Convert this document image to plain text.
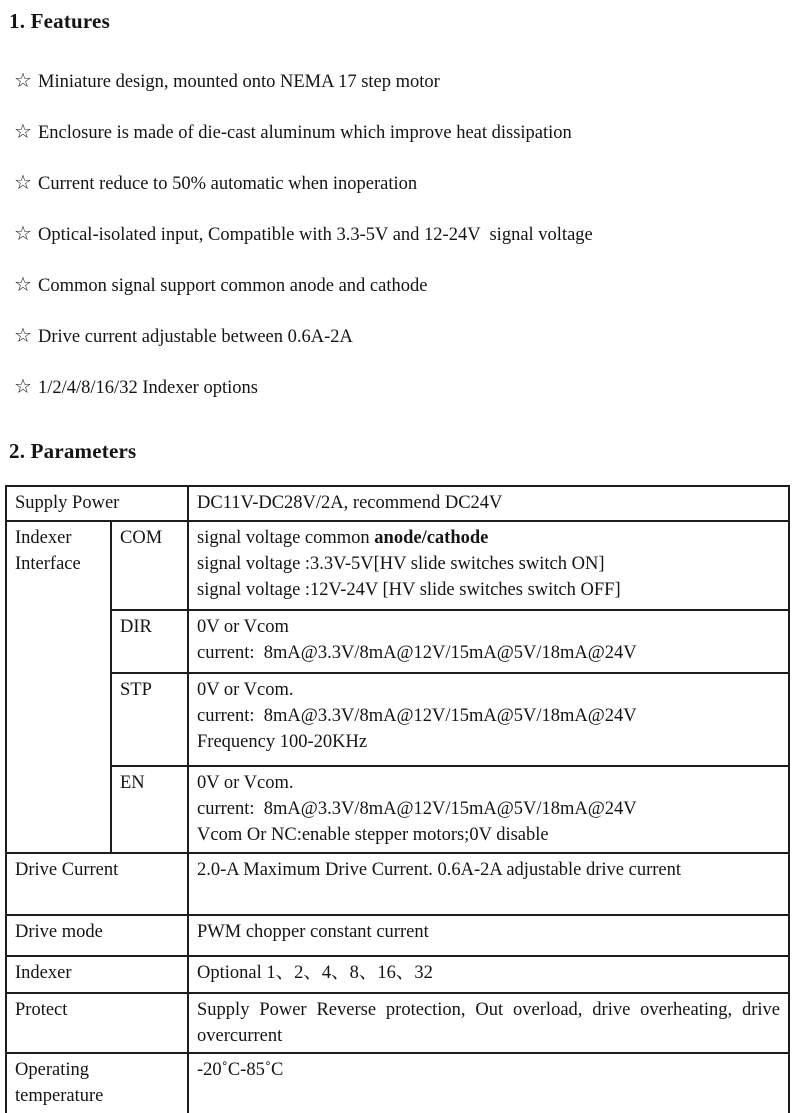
1. Features
☆ Miniature design, mounted onto NEMA 17 step motor
☆ Enclosure is made of die-cast aluminum which improve heat dissipation
☆ Current reduce to 50% automatic when inoperation
☆ Optical-isolated input, Compatible with 3.3-5V and 12-24V  signal voltage
☆ Common signal support common anode and cathode
☆ Drive current adjustable between 0.6A-2A
☆ 1/2/4/8/16/32 Indexer options
2. Parameters
Supply Power		DC11V-DC28V/2A, recommend DC24V
Indexer Interface	COM	signal voltage common anode/cathode
signal voltage :3.3V-5V[HV slide switches switch ON]
signal voltage :12V-24V [HV slide switches switch OFF]

	DIR	0V or Vcom
current:  8mA@3.3V/8mA@12V/15mA@5V/18mA@24V

	STP	0V or Vcom.
current:  8mA@3.3V/8mA@12V/15mA@5V/18mA@24V
Frequency 100-20KHz

	EN	0V or Vcom.
current:  8mA@3.3V/8mA@12V/15mA@5V/18mA@24V
Vcom Or NC:enable stepper motors;0V disable

Drive Current		2.0-A Maximum Drive Current. 0.6A-2A adjustable drive current
Drive mode		PWM chopper constant current
Indexer		Optional 1、2、4、8、16、32
Protect		Supply Power Reverse protection, Out overload, drive overheating, drive overcurrent

Operating temperature		-20˚C-85˚C
